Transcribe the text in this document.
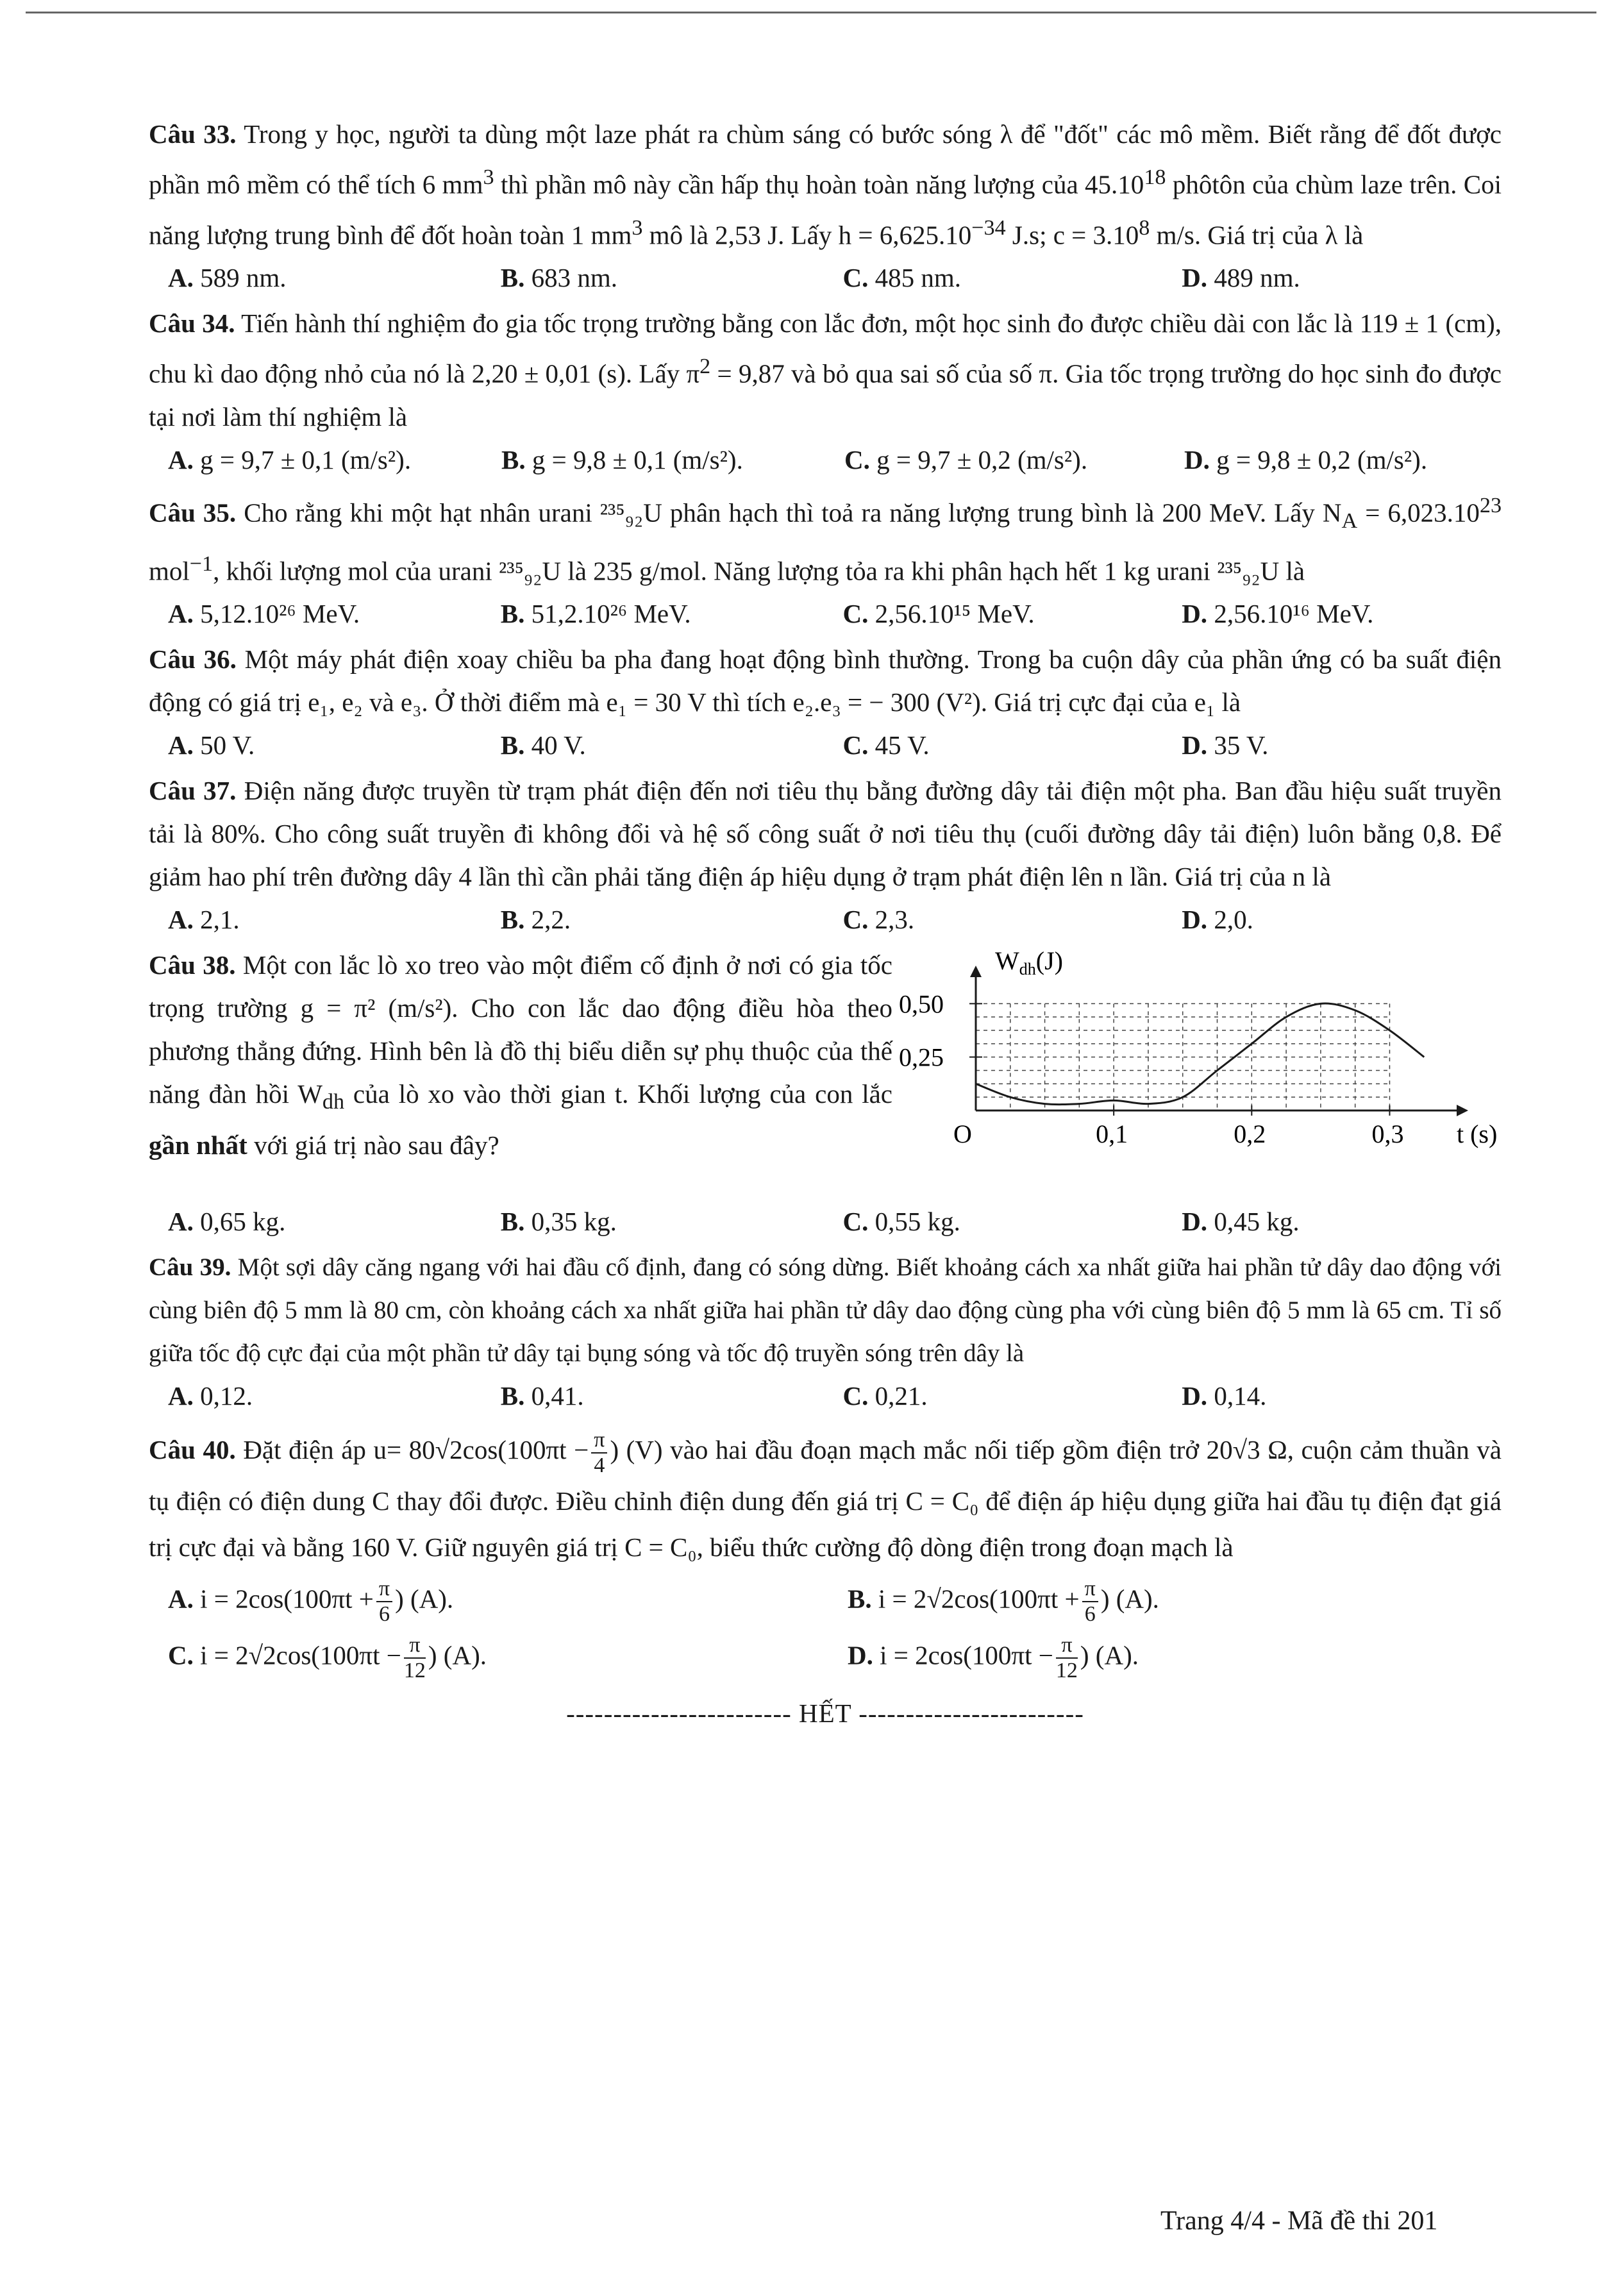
Câu 33. Trong y học, người ta dùng một laze phát ra chùm sáng có bước sóng λ để "đốt" các mô mềm. Biết rằng để đốt được phần mô mềm có thể tích 6 $mm^3$ thì phần mô này cần hấp thụ hoàn toàn năng lượng của 45.10$^{18}$ phôtôn của chùm laze trên. Coi năng lượng trung bình để đốt hoàn toàn 1 $mm^3$ mô là 2,53 J. Lấy $h = 6,625.10^{-34}$ J.s; $c = 3.10^8$ m/s. Giá trị của λ là

A. 589 nm.	B. 683 nm.	C. 485 nm.	D. 489 nm.

Câu 34. Tiến hành thí nghiệm đo gia tốc trọng trường bằng con lắc đơn, một học sinh đo được chiều dài con lắc là 119 ± 1 (cm), chu kì dao động nhỏ của nó là 2,20 ± 0,01 (s). Lấy $\pi^2 = 9,87$ và bỏ qua sai số của số π. Gia tốc trọng trường do học sinh đo được tại nơi làm thí nghiệm là

A. g = 9,7 ± 0,1 (m/s²).	B. g = 9,8 ± 0,1 (m/s²).	C. g = 9,7 ± 0,2 (m/s²).	D. g = 9,8 ± 0,2 (m/s²).

Câu 35. Cho rằng khi một hạt nhân urani ²³⁵₉₂U phân hạch thì toả ra năng lượng trung bình là 200 MeV. Lấy $N_A = 6,023.10^{23}$ mol$^{-1}$, khối lượng mol của urani ²³⁵₉₂U là 235 g/mol. Năng lượng tỏa ra khi phân hạch hết 1 kg urani ²³⁵₉₂U là

A. 5,12.10²⁶ MeV.	B. 51,2.10²⁶ MeV.	C. 2,56.10¹⁵ MeV.	D. 2,56.10¹⁶ MeV.

Câu 36. Một máy phát điện xoay chiều ba pha đang hoạt động bình thường. Trong ba cuộn dây của phần ứng có ba suất điện động có giá trị e₁, e₂ và e₃. Ở thời điểm mà e₁ = 30 V thì tích e₂.e₃ = − 300 (V²). Giá trị cực đại của e₁ là

A. 50 V.	B. 40 V.	C. 45 V.	D. 35 V.

Câu 37. Điện năng được truyền từ trạm phát điện đến nơi tiêu thụ bằng đường dây tải điện một pha. Ban đầu hiệu suất truyền tải là 80%. Cho công suất truyền đi không đổi và hệ số công suất ở nơi tiêu thụ (cuối đường dây tải điện) luôn bằng 0,8. Để giảm hao phí trên đường dây 4 lần thì cần phải tăng điện áp hiệu dụng ở trạm phát điện lên n lần. Giá trị của n là

A. 2,1.	B. 2,2.	C. 2,3.	D. 2,0.

Câu 38. Một con lắc lò xo treo vào một điểm cố định ở nơi có gia tốc trọng trường g = π² (m/s²). Cho con lắc dao động điều hòa theo phương thẳng đứng. Hình bên là đồ thị biểu diễn sự phụ thuộc của thế năng đàn hồi $W_{dh}$ của lò xo vào thời gian t. Khối lượng của con lắc gần nhất với giá trị nào sau đây?

$W_{dh}(J)$
t (s)
O	0,1	0,2	0,3
0,25
0,50
A. 0,65 kg.	B. 0,35 kg.	C. 0,55 kg.	D. 0,45 kg.

Câu 39. Một sợi dây căng ngang với hai đầu cố định, đang có sóng dừng. Biết khoảng cách xa nhất giữa hai phần tử dây dao động với cùng biên độ 5 mm là 80 cm, còn khoảng cách xa nhất giữa hai phần tử dây dao động cùng pha với cùng biên độ 5 mm là 65 cm. Tỉ số giữa tốc độ cực đại của một phần tử dây tại bụng sóng và tốc độ truyền sóng trên dây là

A. 0,12.	B. 0,41.	C. 0,21.	D. 0,14.

Câu 40. Đặt điện áp $u= 80√2\cos(100\pi t - \frac{\pi}{4}$ ) (V) vào hai đầu đoạn mạch mắc nối tiếp gồm điện trở 20√3 Ω, cuộn cảm thuần và tụ điện có điện dung C thay đổi được. Điều chỉnh điện dung đến giá trị C = C₀ để điện áp hiệu dụng giữa hai đầu tụ điện đạt giá trị cực đại và bằng 160 V. Giữ nguyên giá trị C = C₀, biểu thức cường độ dòng điện trong đoạn mạch là

A. $i = 2\cos(100\pi t + \frac{\pi}{6}$ ) (A).	B. $i = 2√2\cos(100\pi t + \frac{\pi}{6}$ ) (A).
C. $i = 2√2\cos(100\pi t - \frac{\pi}{12}$ ) (A).	D. $i = 2\cos(100\pi t - \frac{\pi}{12}$ ) (A).
------------------------ HẾT ------------------------
Trang 4/4 - Mã đề thi 201
